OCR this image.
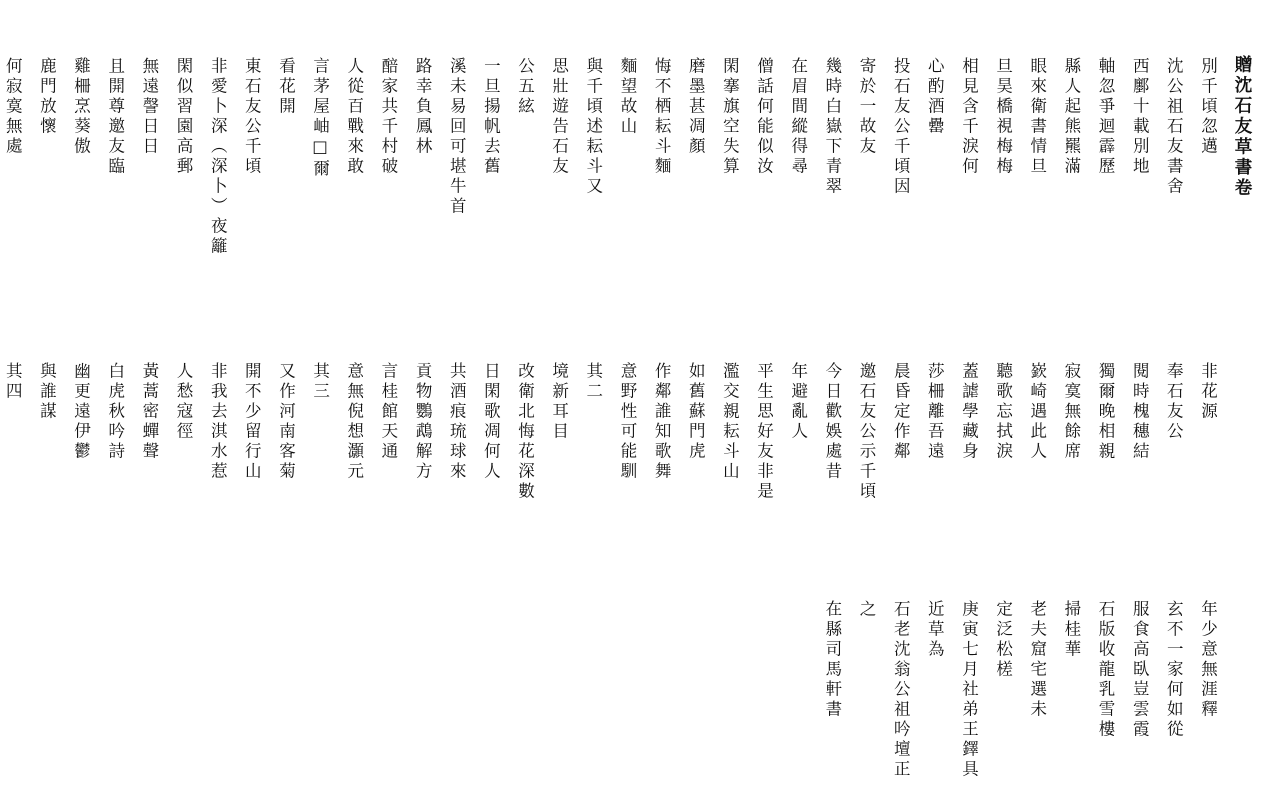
贈沈石友草書卷
別千頃忽邁
沈公祖石友書舍
西鄽十載別地
軸忽爭迴霹歷
縣人起熊羆滿
眼來衛書情旦
旦昊橋視梅梅
相見含千淚何
心酌酒罍
投石友公千頃因
寄於一故友
幾時白嶽下青翠
在眉間縱得尋
僧話何能似汝
閑搴旗空失算
磨墨甚凋顏
悔不栖耘斗麵
麵望故山
與千頃述耘斗又
思壯遊告石友
公五絃
一旦揚帆去舊
溪未易回可堪牛首
路幸負鳳林
醅家共千村破
人從百戰來敢
言茅屋岫□爾
看花開
東石友公千頃
非愛卜深（深卜）夜籬
閑似習園高郵
無遠謦日日
且開尊邀友臨
雞柵烹葵傲
鹿門放懷
何寂寞無處
非花源
奉石友公
閱時槐穗結
獨爾晚相親
寂寞無餘席
嶔崎遇此人
聽歌忘拭淚
蓋謔學藏身
莎柵離吾遠
晨昏定作鄰
邀石友公示千頃
今日歡娛處昔
年避亂人
平生思好友非是
濫交親耘斗山
如舊蘇門虎
作鄰誰知歌舞
意野性可能馴
其二
境新耳目
改衛北悔花深數
日閑歌凋何人
共酒痕琉球來
貢物鸚鵡解方
言桂館天通
意無倪想灝元
其三
又作河南客菊
開不少留行山
非我去淇水惹
人愁寇徑
黃蒿密蟬聲
白虎秋吟詩
幽更遠伊鬱
與誰謀
其四
年少意無涯釋
玄不一家何如從
服食高臥豈雲霞
石版收龍乳雪樓
掃桂華
老夫窟宅選未
定泛松槎
庚寅七月社弟王鐸具
近草為
石老沈翁公祖吟壇正
之
在縣司馬軒書
